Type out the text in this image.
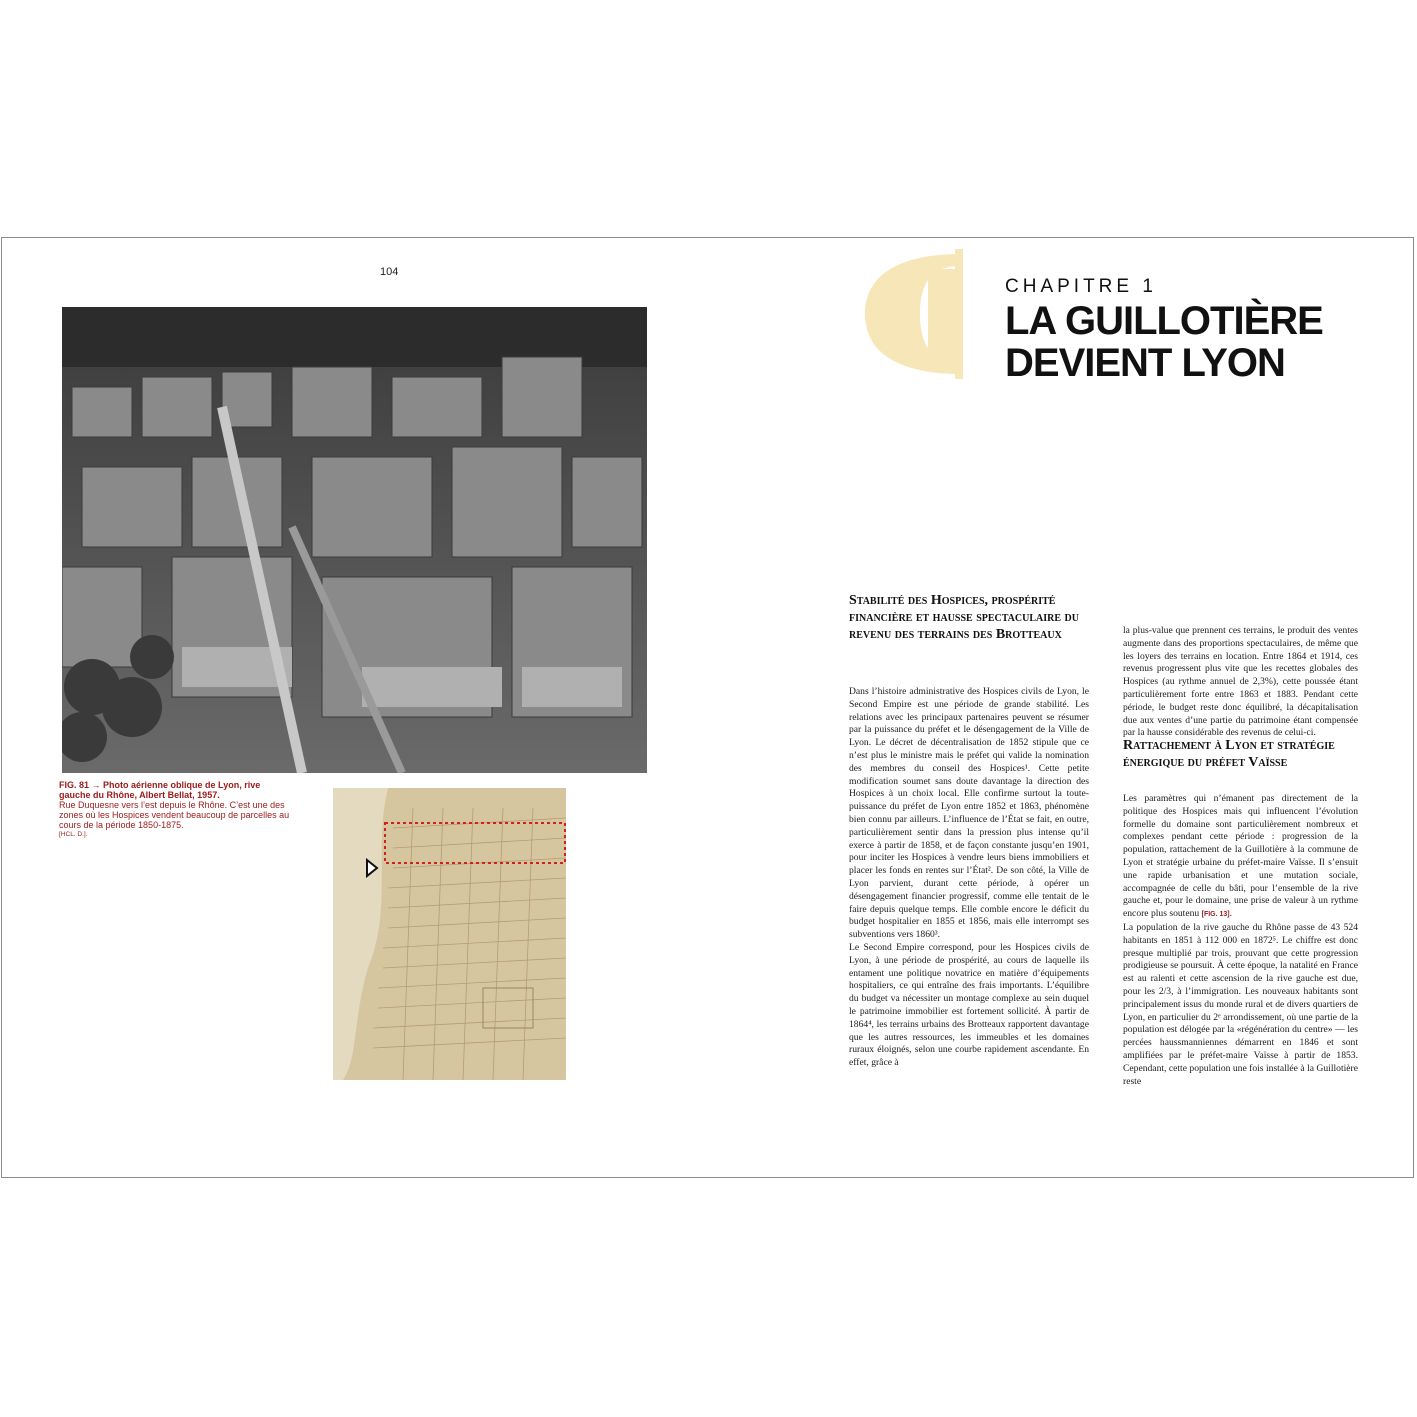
104
FIG. 81 → Photo aérienne oblique de Lyon, rive gauche du Rhône, Albert Bellat, 1957.
Rue Duquesne vers l’est depuis le Rhône. C’est une des zones où les Hospices vendent beaucoup de parcelles au cours de la période 1850-1875.
[HCL. D.].
CHAPITRE 1
LA GUILLOTIÈRE
DEVIENT LYON
Stabilité des Hospices, prospérité financière et hausse spectaculaire du revenu des terrains des Brotteaux

Dans l’histoire administrative des Hospices civils de Lyon, le Second Empire est une période de grande stabilité. Les relations avec les principaux partenaires peuvent se résumer par la puissance du préfet et le désengagement de la Ville de Lyon. Le décret de décentralisation de 1852 stipule que ce n’est plus le ministre mais le préfet qui valide la nomination des membres du conseil des Hospices¹. Cette petite modification soumet sans doute davantage la direction des Hospices à un choix local. Elle confirme surtout la toute-puissance du préfet de Lyon entre 1852 et 1863, phénomène bien connu par ailleurs. L’influence de l’État se fait, en outre, particulièrement sentir dans la pression plus intense qu’il exerce à partir de 1858, et de façon constante jusqu’en 1901, pour inciter les Hospices à vendre leurs biens immobiliers et placer les fonds en rentes sur l’État². De son côté, la Ville de Lyon parvient, durant cette période, à opérer un désengagement financier progressif, comme elle tentait de le faire depuis quelque temps. Elle comble encore le déficit du budget hospitalier en 1855 et 1856, mais elle interrompt ses subventions vers 1860³.

Le Second Empire correspond, pour les Hospices civils de Lyon, à une période de prospérité, au cours de laquelle ils entament une politique novatrice en matière d’équipements hospitaliers, ce qui entraîne des frais importants. L’équilibre du budget va nécessiter un montage complexe au sein duquel le patrimoine immobilier est fortement sollicité. À partir de 1864⁴, les terrains urbains des Brotteaux rapportent davantage que les autres ressources, les immeubles et les domaines ruraux éloignés, selon une courbe rapidement ascendante. En effet, grâce à

la plus-value que prennent ces terrains, le produit des ventes augmente dans des proportions spectaculaires, de même que les loyers des terrains en location. Entre 1864 et 1914, ces revenus progressent plus vite que les recettes globales des Hospices (au rythme annuel de 2,3%), cette poussée étant particulièrement forte entre 1863 et 1883. Pendant cette période, le budget reste donc équilibré, la décapitalisation due aux ventes d’une partie du patrimoine étant compensée par la hausse considérable des revenus de celui-ci.

Rattachement à Lyon et stratégie énergique du préfet Vaïsse

Les paramètres qui n’émanent pas directement de la politique des Hospices mais qui influencent l’évolution formelle du domaine sont particulièrement nombreux et complexes pendant cette période : progression de la population, rattachement de la Guillotière à la commune de Lyon et stratégie urbaine du préfet-maire Vaïsse. Il s’ensuit une rapide urbanisation et une mutation sociale, accompagnée de celle du bâti, pour l’ensemble de la rive gauche et, pour le domaine, une prise de valeur à un rythme encore plus soutenu [FIG. 13].

La population de la rive gauche du Rhône passe de 43 524 habitants en 1851 à 112 000 en 1872⁵. Le chiffre est donc presque multiplié par trois, prouvant que cette progression prodigieuse se poursuit. À cette époque, la natalité en France est au ralenti et cette ascension de la rive gauche est due, pour les 2/3, à l’immigration. Les nouveaux habitants sont principalement issus du monde rural et de divers quartiers de Lyon, en particulier du 2ᵉ arrondissement, où une partie de la population est délogée par la «régénération du centre» — les percées haussmanniennes démarrent en 1846 et sont amplifiées par le préfet-maire Vaïsse à partir de 1853. Cependant, cette population une fois installée à la Guillotière reste
